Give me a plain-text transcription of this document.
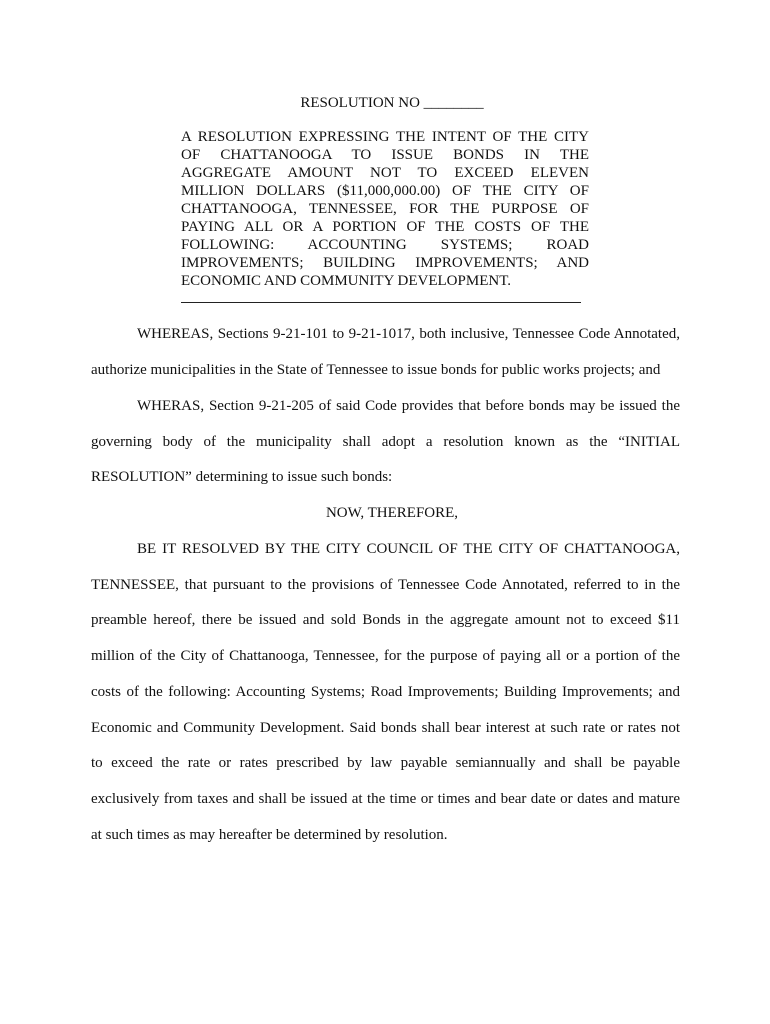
RESOLUTION NO ________
A RESOLUTION EXPRESSING THE INTENT OF THE CITY
OF CHATTANOOGA TO ISSUE BONDS IN THE
AGGREGATE AMOUNT NOT TO EXCEED ELEVEN
MILLION DOLLARS ($11,000,000.00) OF THE CITY OF
CHATTANOOGA, TENNESSEE, FOR THE PURPOSE OF
PAYING ALL OR A PORTION OF THE COSTS OF THE
FOLLOWING: ACCOUNTING SYSTEMS; ROAD
IMPROVEMENTS; BUILDING IMPROVEMENTS; AND
ECONOMIC AND COMMUNITY DEVELOPMENT.
WHEREAS, Sections 9-21-101 to 9-21-1017, both inclusive, Tennessee Code Annotated,
authorize municipalities in the State of Tennessee to issue bonds for public works projects; and
WHERAS, Section 9-21-205 of said Code provides that before bonds may be issued the
governing body of the municipality shall adopt a resolution known as the “INITIAL
RESOLUTION” determining to issue such bonds:
NOW, THEREFORE,
BE IT RESOLVED BY THE CITY COUNCIL OF THE CITY OF CHATTANOOGA,
TENNESSEE, that pursuant to the provisions of Tennessee Code Annotated, referred to in the
preamble hereof, there be issued and sold Bonds in the aggregate amount not to exceed $11
million of the City of Chattanooga, Tennessee, for the purpose of paying all or a portion of the
costs of the following: Accounting Systems; Road Improvements; Building Improvements; and
Economic and Community Development. Said bonds shall bear interest at such rate or rates not
to exceed the rate or rates prescribed by law payable semiannually and shall be payable
exclusively from taxes and shall be issued at the time or times and bear date or dates and mature
at such times as may hereafter be determined by resolution.
